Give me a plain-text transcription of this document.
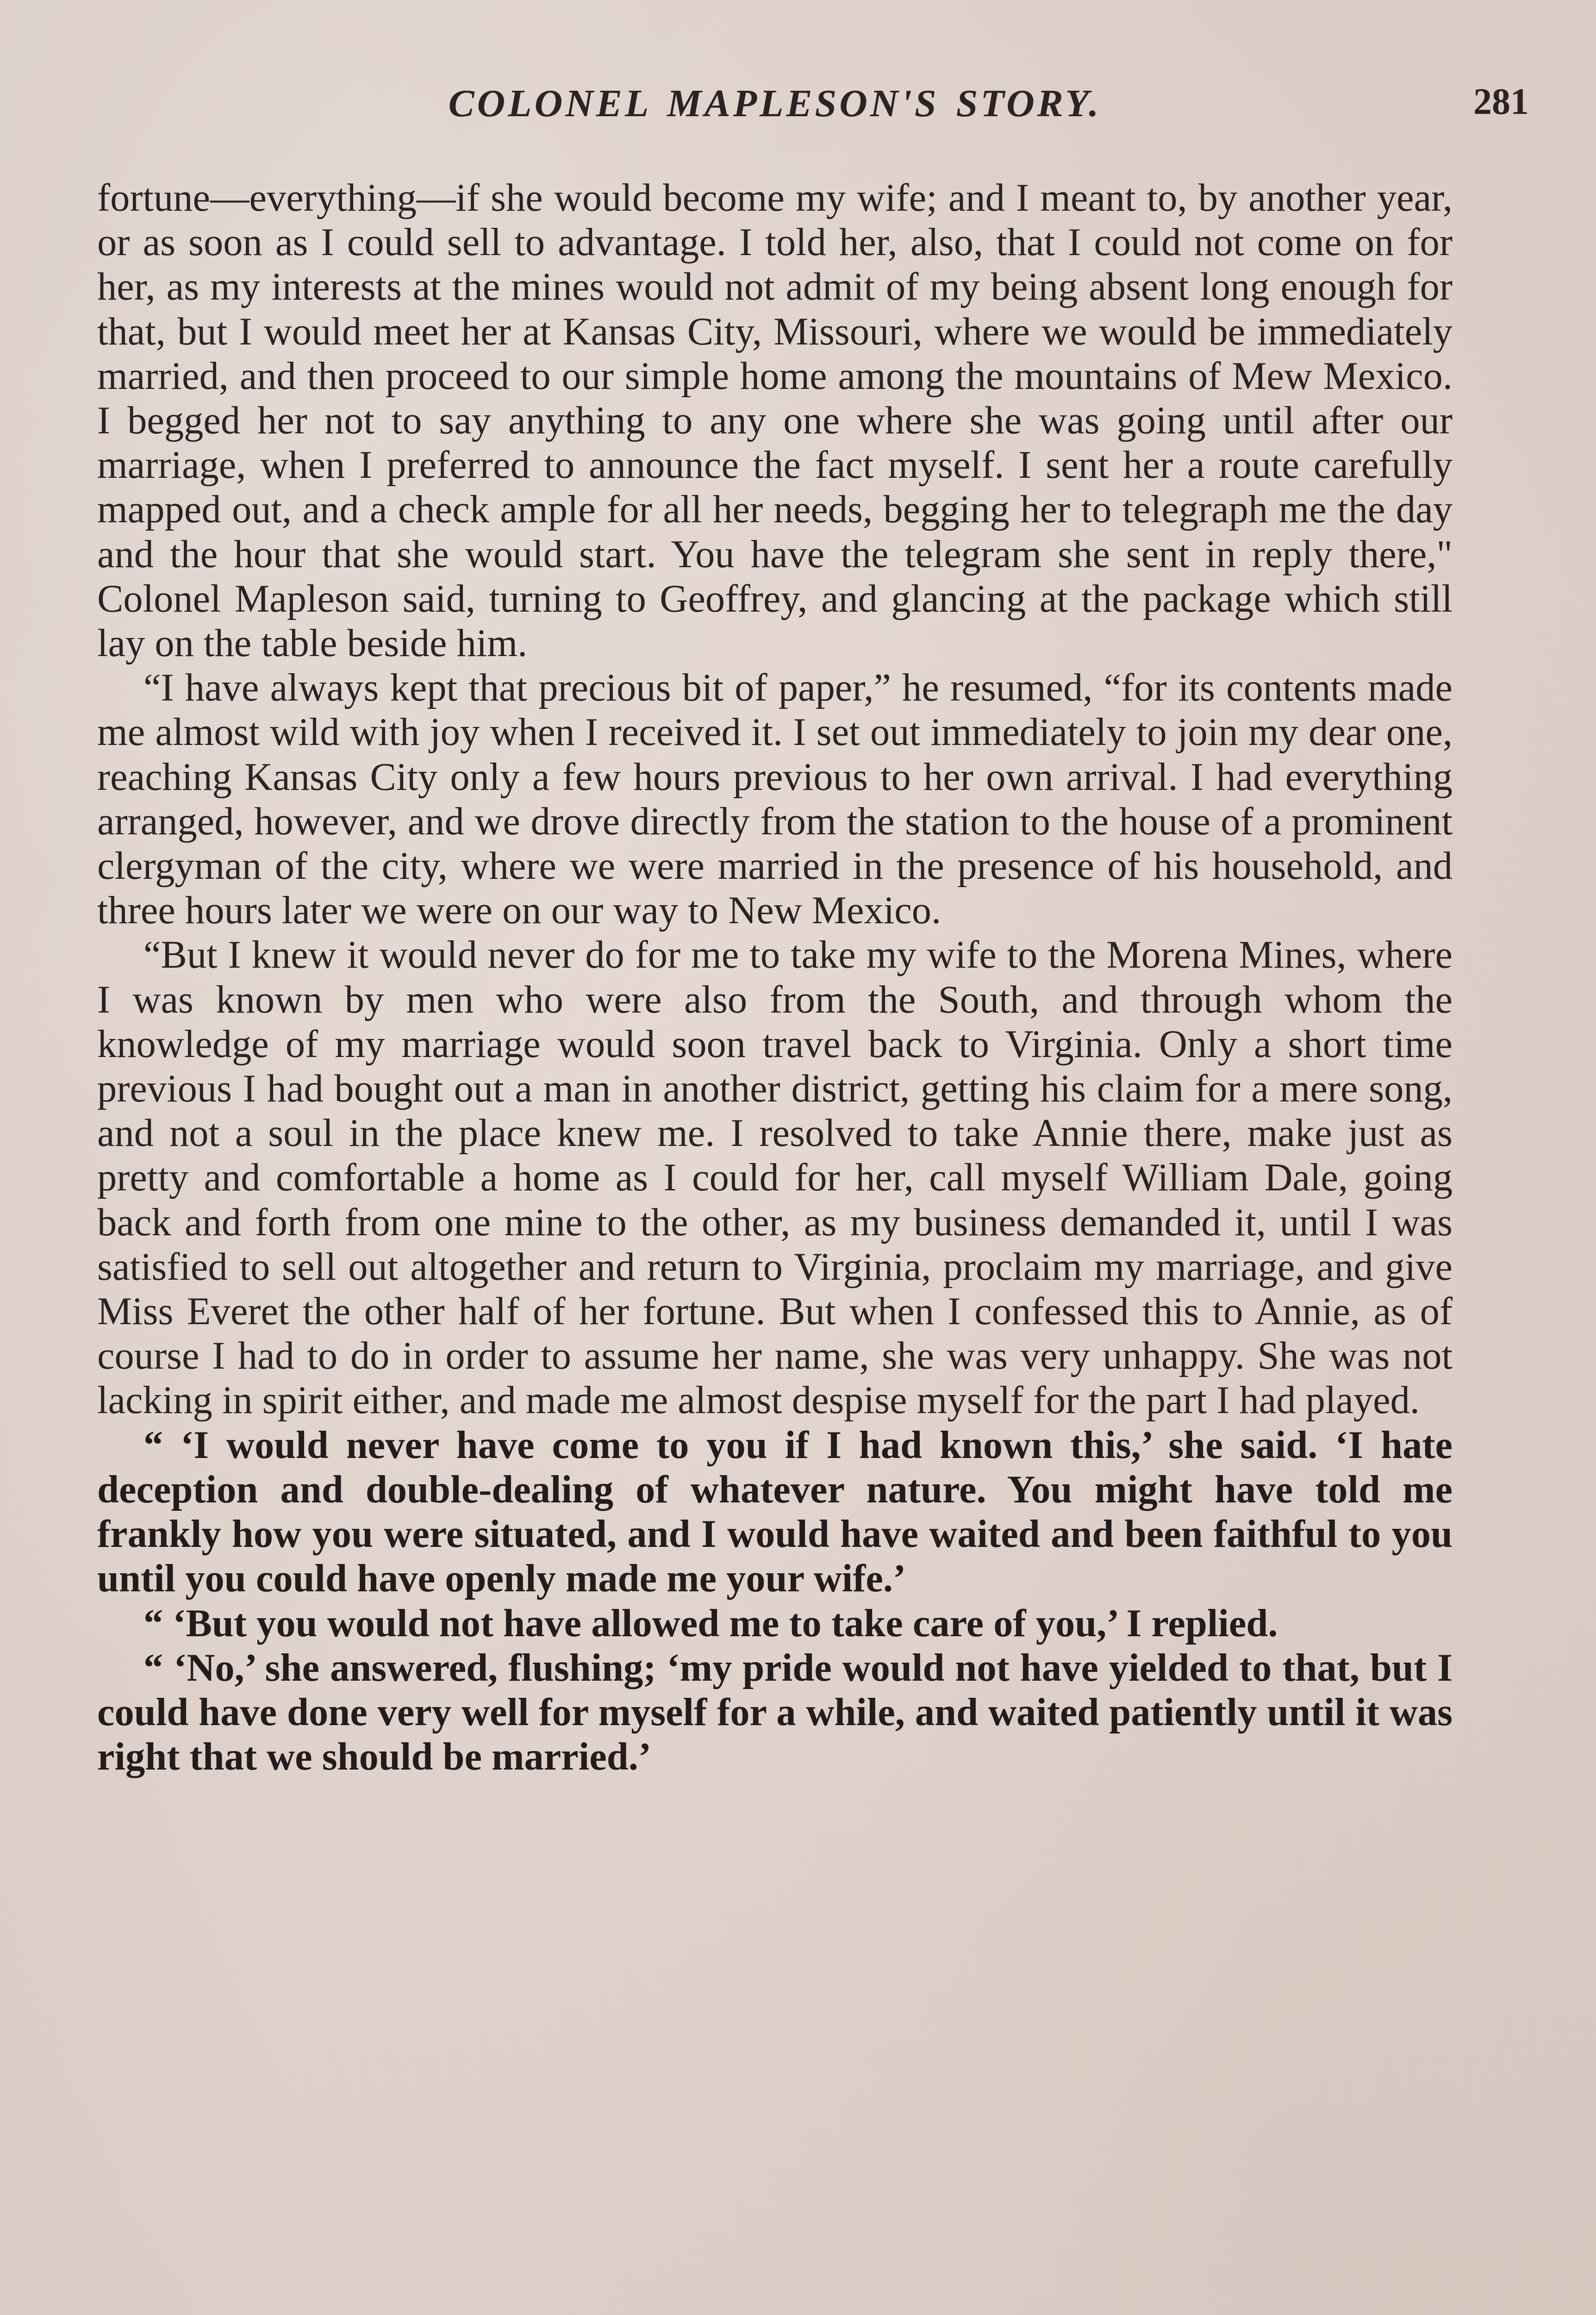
COLONEL MAPLESON'S STORY.	281

fortune—everything—if she would become my wife; and I meant to, by another year, or as soon as I could sell to advantage. I told her, also, that I could not come on for her, as my interests at the mines would not admit of my being absent long enough for that, but I would meet her at Kansas City, Missouri, where we would be immediately married, and then proceed to our simple home among the mountains of Mew Mexico. I begged her not to say anything to any one where she was going until after our marriage, when I preferred to announce the fact myself. I sent her a route carefully mapped out, and a check ample for all her needs, begging her to telegraph me the day and the hour that she would start. You have the telegram she sent in reply there," Colonel Mapleson said, turning to Geoffrey, and glancing at the package which still lay on the table beside him.

“I have always kept that precious bit of paper,” he resumed, “for its contents made me almost wild with joy when I received it. I set out immediately to join my dear one, reaching Kansas City only a few hours previous to her own arrival. I had everything arranged, however, and we drove directly from the station to the house of a prominent clergyman of the city, where we were married in the presence of his household, and three hours later we were on our way to New Mexico.

“But I knew it would never do for me to take my wife to the Morena Mines, where I was known by men who were also from the South, and through whom the knowledge of my marriage would soon travel back to Virginia. Only a short time previous I had bought out a man in another district, getting his claim for a mere song, and not a soul in the place knew me. I resolved to take Annie there, make just as pretty and comfortable a home as I could for her, call myself William Dale, going back and forth from one mine to the other, as my business demanded it, until I was satisfied to sell out altogether and return to Virginia, proclaim my marriage, and give Miss Everet the other half of her fortune. But when I confessed this to Annie, as of course I had to do in order to assume her name, she was very unhappy. She was not lacking in spirit either, and made me almost despise myself for the part I had played.

“ ‘I would never have come to you if I had known this,’ she said. ‘I hate deception and double-dealing of whatever nature. You might have told me frankly how you were situated, and I would have waited and been faithful to you until you could have openly made me your wife.’

“ ‘But you would not have allowed me to take care of you,’ I replied.

“ ‘No,’ she answered, flushing; ‘my pride would not have yielded to that, but I could have done very well for myself for a while, and waited patiently until it was right that we should be married.’
